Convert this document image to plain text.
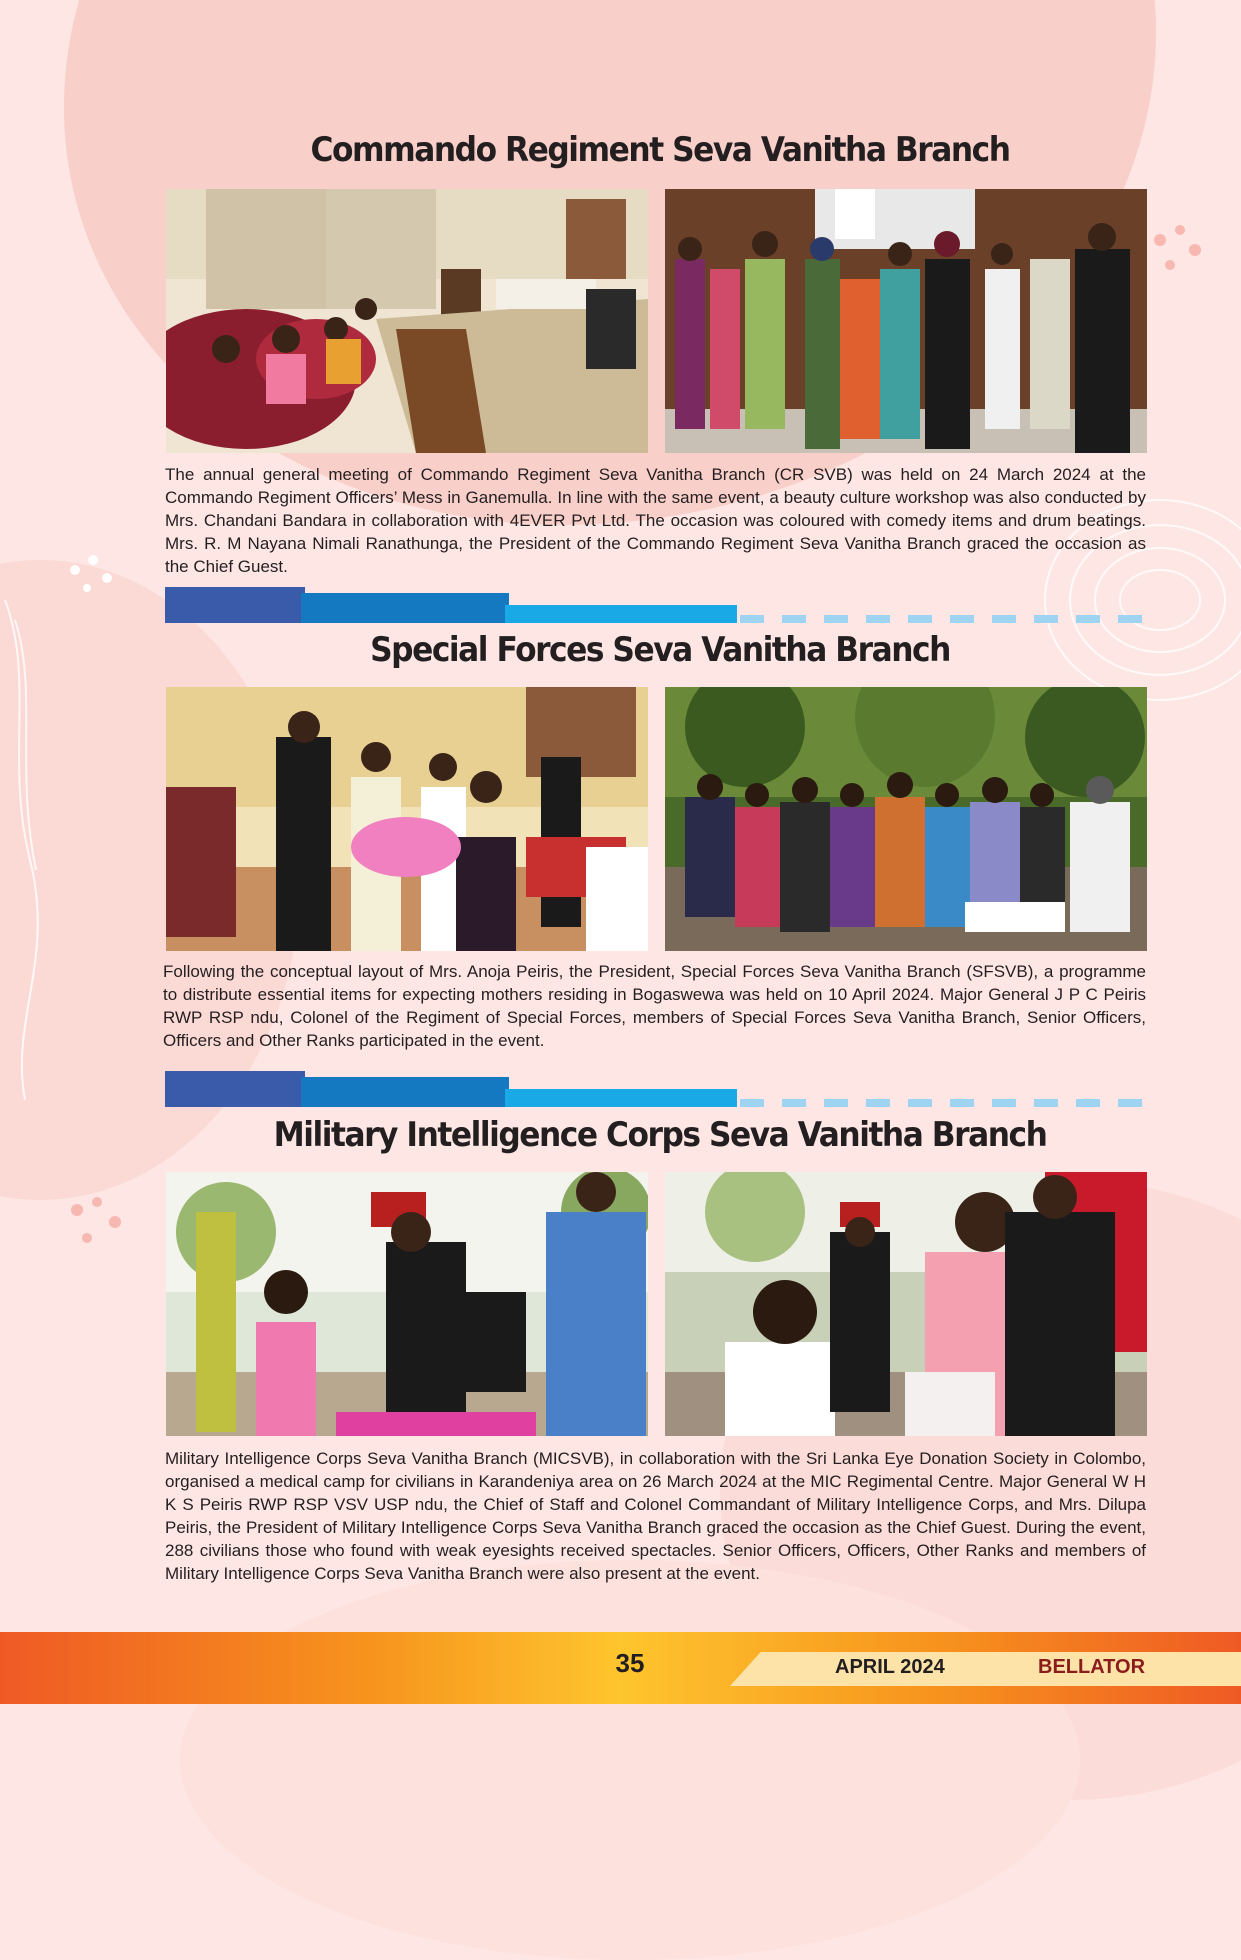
Commando Regiment Seva Vanitha Branch

The annual general meeting of Commando Regiment Seva Vanitha Branch (CR SVB) was held on 24 March 2024 at the Commando Regiment Officers’ Mess in Ganemulla. In line with the same event, a beauty culture workshop was also conducted by Mrs. Chandani Bandara in collaboration with 4EVER Pvt Ltd. The occasion was coloured with comedy items and drum beatings. Mrs. R. M Nayana Nimali Ranathunga, the President of the Commando Regiment Seva Vanitha Branch graced the occasion as the Chief Guest.

Special Forces Seva Vanitha Branch

Following the conceptual layout of Mrs. Anoja Peiris, the President, Special Forces Seva Vanitha Branch (SFSVB), a programme to distribute essential items for expecting mothers residing in Bogaswewa was held on 10 April 2024. Major General J P C Peiris RWP RSP ndu, Colonel of the Regiment of Special Forces, members of Special Forces Seva Vanitha Branch, Senior Officers, Officers and Other Ranks participated in the event.

Military Intelligence Corps Seva Vanitha Branch

Military Intelligence Corps Seva Vanitha Branch (MICSVB), in collaboration with the Sri Lanka Eye Donation Society in Colombo, organised a medical camp for civilians in Karandeniya area on 26 March 2024 at the MIC Regimental Centre. Major General W H K S Peiris RWP RSP VSV USP ndu, the Chief of Staff and Colonel Commandant of Military Intelligence Corps, and Mrs. Dilupa Peiris, the President of Military Intelligence Corps Seva Vanitha Branch graced the occasion as the Chief Guest. During the event, 288 civilians those who found with weak eyesights received spectacles. Senior Officers, Officers, Other Ranks and members of Military Intelligence Corps Seva Vanitha Branch were also present at the event.

35	APRIL 2024	BELLATOR
